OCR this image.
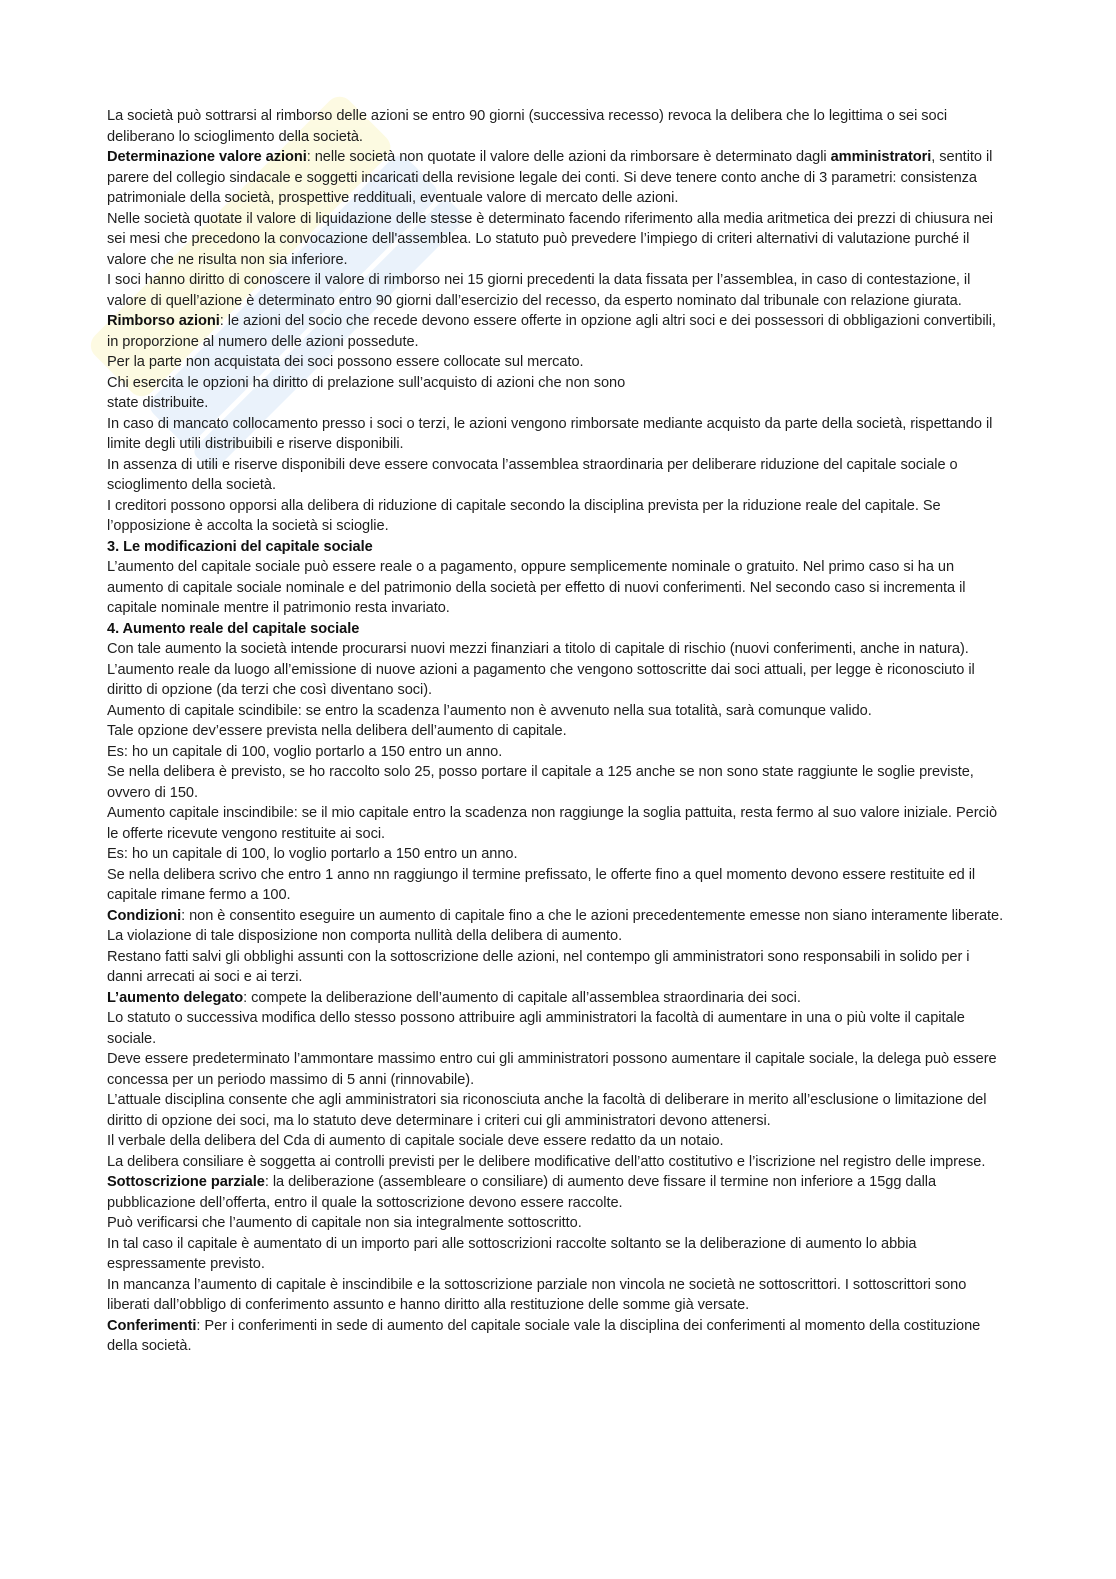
La società può sottrarsi al rimborso delle azioni se entro 90 giorni (successiva recesso) revoca la delibera che lo legittima o sei soci deliberano lo scioglimento della società.

Determinazione valore azioni: nelle società non quotate il valore delle azioni da rimborsare è determinato dagli amministratori, sentito il parere del collegio sindacale e soggetti incaricati della revisione legale dei conti. Si deve tenere conto anche di 3 parametri: consistenza patrimoniale della società, prospettive reddituali, eventuale valore di mercato delle azioni.

Nelle società quotate il valore di liquidazione delle stesse è determinato facendo riferimento alla media aritmetica dei prezzi di chiusura nei sei mesi che precedono la convocazione dell'assemblea. Lo statuto può prevedere l’impiego di criteri alternativi di valutazione purché il valore che ne risulta non sia inferiore.

I soci hanno diritto di conoscere il valore di rimborso nei 15 giorni precedenti la data fissata per l’assemblea, in caso di contestazione, il valore di quell’azione è determinato entro 90 giorni dall’esercizio del recesso, da esperto nominato dal tribunale con relazione giurata.

Rimborso azioni: le azioni del socio che recede devono essere offerte in opzione agli altri soci e dei possessori di obbligazioni convertibili, in proporzione al numero delle azioni possedute.

Per la parte non acquistata dei soci possono essere collocate sul mercato.

Chi esercita le opzioni ha diritto di prelazione sull’acquisto di azioni che non sono

state distribuite.

In caso di mancato collocamento presso i soci o terzi, le azioni vengono rimborsate mediante acquisto da parte della società, rispettando il limite degli utili distribuibili e riserve disponibili.

In assenza di utili e riserve disponibili deve essere convocata l’assemblea straordinaria per deliberare riduzione del capitale sociale o scioglimento della società.

I creditori possono opporsi alla delibera di riduzione di capitale secondo la disciplina prevista per la riduzione reale del capitale. Se l’opposizione è accolta la società si scioglie.

3. Le modificazioni del capitale sociale

L’aumento del capitale sociale può essere reale o a pagamento, oppure semplicemente nominale o gratuito. Nel primo caso si ha un aumento di capitale sociale nominale e del patrimonio della società per effetto di nuovi conferimenti. Nel secondo caso si incrementa il capitale nominale mentre il patrimonio resta invariato.

4. Aumento reale del capitale sociale

Con tale aumento la società intende procurarsi nuovi mezzi finanziari a titolo di capitale di rischio (nuovi conferimenti, anche in natura). L’aumento reale da luogo all’emissione di nuove azioni a pagamento che vengono sottoscritte dai soci attuali, per legge è riconosciuto il diritto di opzione (da terzi che così diventano soci).

Aumento di capitale scindibile: se entro la scadenza l’aumento non è avvenuto nella sua totalità, sarà comunque valido.

Tale opzione dev’essere prevista nella delibera dell’aumento di capitale.

Es: ho un capitale di 100, voglio portarlo a 150 entro un anno.

Se nella delibera è previsto, se ho raccolto solo 25, posso portare il capitale a 125 anche se non sono state raggiunte le soglie previste, ovvero di 150.

Aumento capitale inscindibile: se il mio capitale entro la scadenza non raggiunge la soglia pattuita, resta fermo al suo valore iniziale. Perciò le offerte ricevute vengono restituite ai soci.

Es: ho un capitale di 100, lo voglio portarlo a 150 entro un anno.

Se nella delibera scrivo che entro 1 anno nn raggiungo il termine prefissato, le offerte fino a quel momento devono essere restituite ed il capitale rimane fermo a 100.

Condizioni: non è consentito eseguire un aumento di capitale fino a che le azioni precedentemente emesse non siano interamente liberate.

La violazione di tale disposizione non comporta nullità della delibera di aumento.

Restano fatti salvi gli obblighi assunti con la sottoscrizione delle azioni, nel contempo gli amministratori sono responsabili in solido per i danni arrecati ai soci e ai terzi.

L’aumento delegato: compete la deliberazione dell’aumento di capitale all’assemblea straordinaria dei soci.

Lo statuto o successiva modifica dello stesso possono attribuire agli amministratori la facoltà di aumentare in una o più volte il capitale sociale.

Deve essere predeterminato l’ammontare massimo entro cui gli amministratori possono aumentare il capitale sociale, la delega può essere concessa per un periodo massimo di 5 anni (rinnovabile).

L’attuale disciplina consente che agli amministratori sia riconosciuta anche la facoltà di deliberare in merito all’esclusione o limitazione del diritto di opzione dei soci, ma lo statuto deve determinare i criteri cui gli amministratori devono attenersi.

Il verbale della delibera del Cda di aumento di capitale sociale deve essere redatto da un notaio.

La delibera consiliare è soggetta ai controlli previsti per le delibere modificative dell’atto costitutivo e l’iscrizione nel registro delle imprese.

Sottoscrizione parziale: la deliberazione (assembleare o consiliare) di aumento deve fissare il termine non inferiore a 15gg dalla pubblicazione dell’offerta, entro il quale la sottoscrizione devono essere raccolte.

Può verificarsi che l’aumento di capitale non sia integralmente sottoscritto.

In tal caso il capitale è aumentato di un importo pari alle sottoscrizioni raccolte soltanto se la deliberazione di aumento lo abbia espressamente previsto.

In mancanza l’aumento di capitale è inscindibile e la sottoscrizione parziale non vincola ne società ne sottoscrittori. I sottoscrittori sono liberati dall’obbligo di conferimento assunto e hanno diritto alla restituzione delle somme già versate.

Conferimenti: Per i conferimenti in sede di aumento del capitale sociale vale la disciplina dei conferimenti al momento della costituzione della società.
